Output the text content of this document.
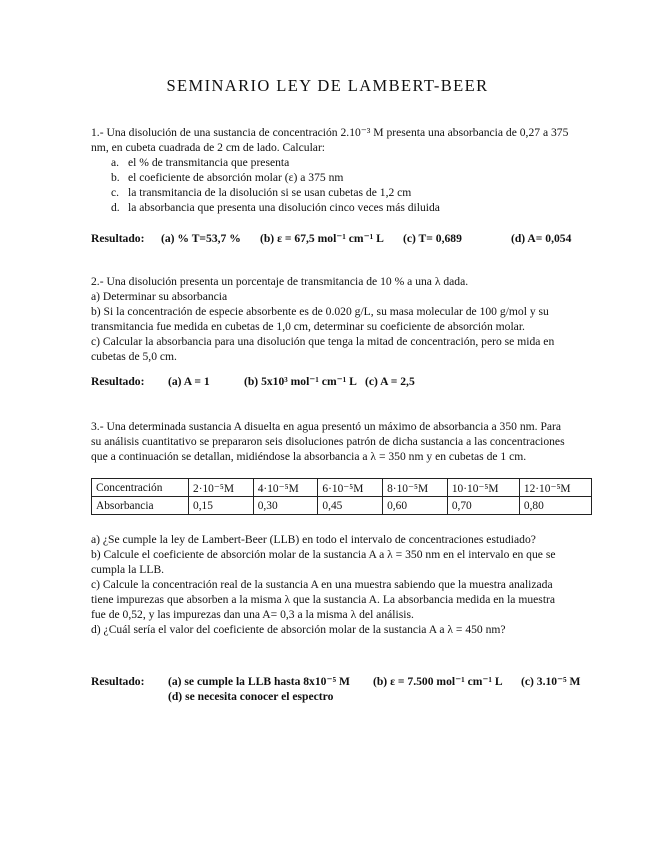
SEMINARIO LEY DE LAMBERT-BEER
1.- Una disolución de una sustancia de concentración 2.10⁻³ M presenta una absorbancia de 0,27 a 375
nm, en cubeta cuadrada de 2 cm de lado. Calcular:
a. el % de transmitancia que presenta
b. el coeficiente de absorción molar (ε) a 375 nm
c. la transmitancia de la disolución si se usan cubetas de 1,2 cm
d. la absorbancia que presenta una disolución cinco veces más diluida
Resultado: (a) % T=53,7 % (b) ε = 67,5 mol⁻¹ cm⁻¹ L (c) T= 0,689	(d) A= 0,054
2.- Una disolución presenta un porcentaje de transmitancia de 10 % a una λ dada.
a) Determinar su absorbancia
b) Si la concentración de especie absorbente es de 0.020 g/L, su masa molecular de 100 g/mol y su
transmitancia fue medida en cubetas de 1,0 cm, determinar su coeficiente de absorción molar.
c) Calcular la absorbancia para una disolución que tenga la mitad de concentración, pero se mida en
cubetas de 5,0 cm.
Resultado: (a) A = 1	(b) 5x10³ mol⁻¹ cm⁻¹ L (c) A = 2,5
3.- Una determinada sustancia A disuelta en agua presentó un máximo de absorbancia a 350 nm. Para
su análisis cuantitativo se prepararon seis disoluciones patrón de dicha sustancia a las concentraciones
que a continuación se detallan, midiéndose la absorbancia a λ = 350 nm y en cubetas de 1 cm.
Concentración	2·10⁻⁵M	4·10⁻⁵M	6·10⁻⁵M	8·10⁻⁵M	10·10⁻⁵M	12·10⁻⁵M
Absorbancia	0,15	0,30	0,45	0,60	0,70	0,80
a) ¿Se cumple la ley de Lambert-Beer (LLB) en todo el intervalo de concentraciones estudiado?
b) Calcule el coeficiente de absorción molar de la sustancia A a λ = 350 nm en el intervalo en que se
cumpla la LLB.
c) Calcule la concentración real de la sustancia A en una muestra sabiendo que la muestra analizada
tiene impurezas que absorben a la misma λ que la sustancia A. La absorbancia medida en la muestra
fue de 0,52, y las impurezas dan una A= 0,3 a la misma λ del análisis.
d) ¿Cuál sería el valor del coeficiente de absorción molar de la sustancia A a λ = 450 nm?
Resultado: (a) se cumple la LLB hasta 8x10⁻⁵ M (b) ε = 7.500 mol⁻¹ cm⁻¹ L (c) 3.10⁻⁵ M
(d) se necesita conocer el espectro
